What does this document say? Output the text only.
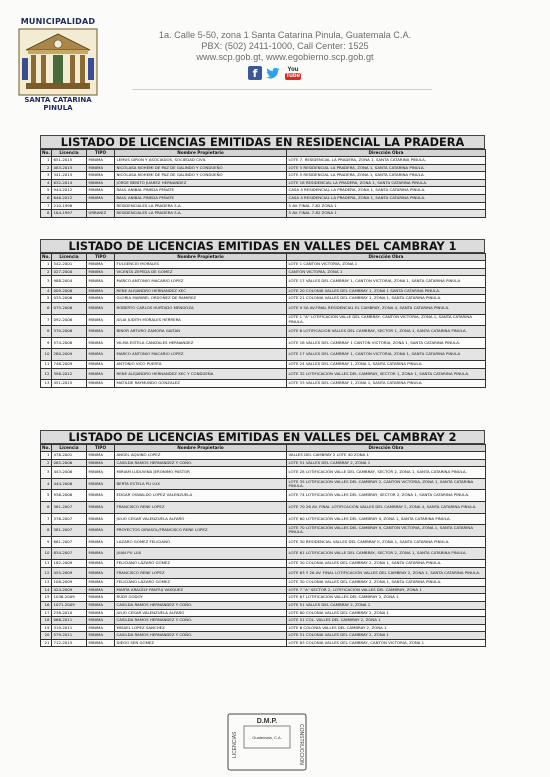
MUNICIPALIDAD
SANTA CATARINA
PINULA
1a. Calle 5-50, zona 1 Santa Catarina Pinula, Guatemala C.A.
PBX: (502) 2411-1000, Call Center: 1525
www.scp.gob.gt, www.egobierno.scp.gob.gt
f	You
Tube
LISTADO DE LICENCIAS EMITIDAS EN RESIDENCIAL LA PRADERA
No.	Licencia	TIPO	Nombre Propietario	Dirección Obra
1	651-2015	MINIMA	LEMUS GIRON Y ASOCIADOS, SOCIEDAD CIVIL	LOTE 7, RESIDENCIAL LA PRADERA, ZONA 1, SANTA CATARINA PINULA.
2	483-2015	MINIMA	NICOLASA NOHEMI DE PAZ DE GALINDO Y CONDUEÑO	LOTE 5 RESIDENCIAL LA PRADERA, ZONA 1, SANTA CATARINA PINULA.
3	341-2015	MINIMA	NICOLASA NOHEMI DE PAZ DE GALINDO Y CONDUEÑO	LOTE 5 RESIDENCIAL LA PRADERA, ZONA 1, SANTA CATARINA PINULA.
4	632-2014	MINIMA	JORGE BENITO JUAREZ HERNANDEZ	LOTE 18 RESIDENCIAL LA PRADERA, ZONA 1, SANTA CATARINA PINULA.
5	944-2012	MINIMA	RAUL ANIBAL PINEDA PEÑATE	CASA 4 RESIDENCIAL LA PRADERA, ZONA 1, SANTA CATARINA PINULA.
6	646-2012	MINIMA	RAUL ANIBAL PINEDA PEÑATE	CASA 4 RESIDENCIAL LA PRADERA, ZONA 1, SANTA CATARINA PINULA.
7	210-1998		RESIDENCIALES LA PRADERA S.A.	5 AV. FINAL 7-82 ZONA 1
8	164-1997	URBANIZ	RESIDENCIALES LA PRADERA S.A.	5 AV. FINAL 7-82 ZONA 1
LISTADO DE LICENCIAS EMITIDAS EN VALLES DEL CAMBRAY 1
No.	Licencia	TIPO	Nombre Propietario	Dirección Obra
1	542-2001	MINIMA	FULGENCIO MORALES	LOTE 1 CANTON VICTORIA, ZONA 1
2	027-2000	MINIMA	VICENTA ZEPEDA DE GOMEZ	CANTON VICTORIA, ZONA 1
3	988-2004	MINIMA	MARCO ANTONIO MACARIO LOPEZ	LOTE 17 VALLES DEL CAMBRAY 1, CANTON VICTORIA, ZONA 1, SANTA CATARINA PINULA
4	009-2006	MINIMA	RENE ALEJANDRO HERNANDEZ XEC	LOTE 20 COLONIA VALLES DEL CAMBRAY 1, ZONA 1 SANTA CATARINA PINULA.
5	035-2006	MINIMA	GLORIA MARIBEL ORDOÑEZ DE RAMIREZ	LOTE 21 COLONIA VALLES DEL CAMBRAY 1, ZONA 1, SANTA CATARINA PINULA.
6	075-2006	MINIMA	ROBERTO CARLOS HURTADO MENDOZA	LOTE 9 5A AV.FINAL RESIDENCIAL EL CAMBRAY, ZONA 4, SANTA CATARINA PINULA.
7	092-2006	MINIMA	JULIA JUDITH MORALES HERRERA	LOTE 1 "A" LOTIFICACION VALLE DEL CAMBRAY, CANTON VICTORIA, ZONA 1, SANTA CATARINA PINULA.
8	370-2006	MINIMA	BINOR ARTURO ZAMORA GAITAN	LOTE 6 LOTIFICACION VALLES DEL CAMBRAY, SECTOR 1, ZONA 1, SANTA CATARINA PINULA.
9	574-2008	MINIMA	VILMA ESTELA CANIZALES HERNANDEZ	LOTE 18 VALLES DEL CAMBRAY 1 CANTON VICTORIA, ZONA 1, SANTA CATARINA PINULA.
10	280-2009	MINIMA	MARCO ANTONIO MACARIO LOPEZ	LOTE 17 VALLES DEL CAMBRAY 1, CANTON VICTORIA, ZONA 1, SANTA CATARINA PINULA
11	746-2009	MINIMA	ANTONIO VICO PUERTA	LOTE 24 VALLES DEL CAMBRAY 1, ZONA 1, SANTA CATARINA PINULA.
12	398-2012	MINIMA	RENE ALEJANDRO HERNANDEZ XEC Y CONDUEÑA	LOTE 32 LOTIFICACION VALLES DEL CAMBRAY, SECTOR 1, ZONA 1, SANTA CATARINA PINULA.
13	451-2015	MINIMA	MATILDE RAYMUNDO GONZALEZ	LOTE 33 VALLES DEL CAMBRAY 1, ZONA 1, SANTA CATARINA PINULA.
LISTADO DE LICENCIAS EMITIDAS EN VALLES DEL CAMBRAY 2
No.	Licencia	TIPO	Nombre Propietario	Dirección Obra
1	478-2001	MINIMA	ANGEL AQUINO LOPEZ	VALLES DEL CAMBRAY 2 LOTE 40 ZONA 1
2	065-2006	MINIMA	CASILDA RAMOS HERNANDEZ Y CDÑO.	LOTE 51 VALLES DEL CAMBRAY 2, ZONA 1
3	443-2006	MINIMA	MIRIAM LUDUVINA JERONIMO PASTOR	LOTE 28 LOTIFICACIÓN VALLE DEL CAMBRAY, SECTOR 2, ZONA 1, SANTA CATARINA PINULA.
4	444-2006	MINIMA	BERTA ESTELA PU LUX	LOTE 35 LOTIFICACIÓN VALLES DEL CAMBRAY 2, CANTON VICTORIA, ZONA 1, SANTA CATARINA PINULA.
5	936-2006	MINIMA	EDGAR OSWALDO LOPEZ VALENZUELA	LOTE 74 LOTIFICACIÓN VALLES DEL CAMBRAY, SECTOR 2, ZONA 1, SANTA CATARINA PINULA.
6	361-2007	MINIMA	FRANCISCO RENE LOPEZ	LOTE 70 26 AV. FINAL LOTIFICACIÓN VALLES DEL CAMBRAY 2, ZONA 4, SANTA CATARINA PINULA.
7	376-2007	MINIMA	JULIO CESAR VALENZUELA ALFARO	LOTE 60 LOTIFICACIÓN VALLES DEL CAMBRAY II, ZONA 1, SANTA CATARINA PINULA.
8	381-2007	MINIMA	PROYECTOS GIRASOL/FRANCISCO RENE LOPEZ	LOTE 70 LOTIFICACIÓN VALLES DEL CAMBRAY II, CANTON VICTORIA, ZONA 1, SANTA CATARINA PINULA.
9	661-2007	MINIMA	LAZARO GÓMEZ FELICIANO	LOTE 30 RESIDENCIAL VALLES DEL CAMBRAY II, ZONA 1, SANTA CATARINA PINULA.
10	834-2007	MINIMA	JUAN PU LUX	LOTE 61 LOTIFICACION VALLE DEL CAMBRAY, SECTOR 2, ZONA 1, SANTA CATARINA PINULA.
11	182-2009	MINIMA	FELICIANO LÁZARO GÓMEZ	LOTE 30 COLONIA VALLES DEL CAMBRAY 2, ZONA 1, SANTA CATARINA PINULA.
12	455-2009	MINIMA	FRANCISCO RENE LOPEZ	LOTE 63 Y 26 AV. FINAL LOTIFICACIÓN VALLES DEL CAMBRAY 2, ZONA 1, SANTA CATARINA PINULA.
13	108-2009	MINIMA	FELICIANO LÁZARO GÓMEZ	LOTE 30 COLONIA VALLES DEL CAMBRAY 2, ZONA 1, SANTA CATARINA PINULA.
14	424-2009	MINIMA	MARTA ARACELY PANTUJ VASQUEZ	LOTE 7 "A" SECTOR 2, LOTIFICACION VALLES DEL CAMBRAY, ZONA 1
15	1036-2009	MINIMA	RUDY GODOY	LOTE 67 LOTIFICACION VALLES DEL CAMBRAY 2, ZONA 1
16	1071-2009	MINIMA	CASILDA RAMOS HERNANDEZ Y CDÑO.	LOTE 51 VALLES DEL CAMBRAY 2, ZONA 1
17	238-2010	MINIMA	JULIO CESAR VALENZUELA ALFARO	LOTE 60 COLONIA VALLES DEL CAMBRAY 2, ZONA 1
18	066-2011	MINIMA	CASILDA RAMOS HERNANDEZ Y CDÑO.	LOTE 51 COL. VALLES DEL CAMBRAY 2, ZONA 1
19	319-2011	MINIMA	MISAEL LOPEZ SANCHEZ	LOTE 6 COLONIA VALLES DEL CAMBRAY 2, ZONA 1
20	579-2011	MINIMA	CASILDA RAMOS HERNANDEZ Y CDÑO.	LOTE 51 COLONIA VALLES DEL CAMBRAY 2, ZONA 1
21	712-2015	MINIMA	DIEGO SEN GOMEZ	LOTE 83 COLONIA VALLES DEL CAMBRAY, CANTON VICTORIA, ZONA 1
D.M.P.
Guatemala, C.A.
LICENCIAS	CONSTRUCCION
